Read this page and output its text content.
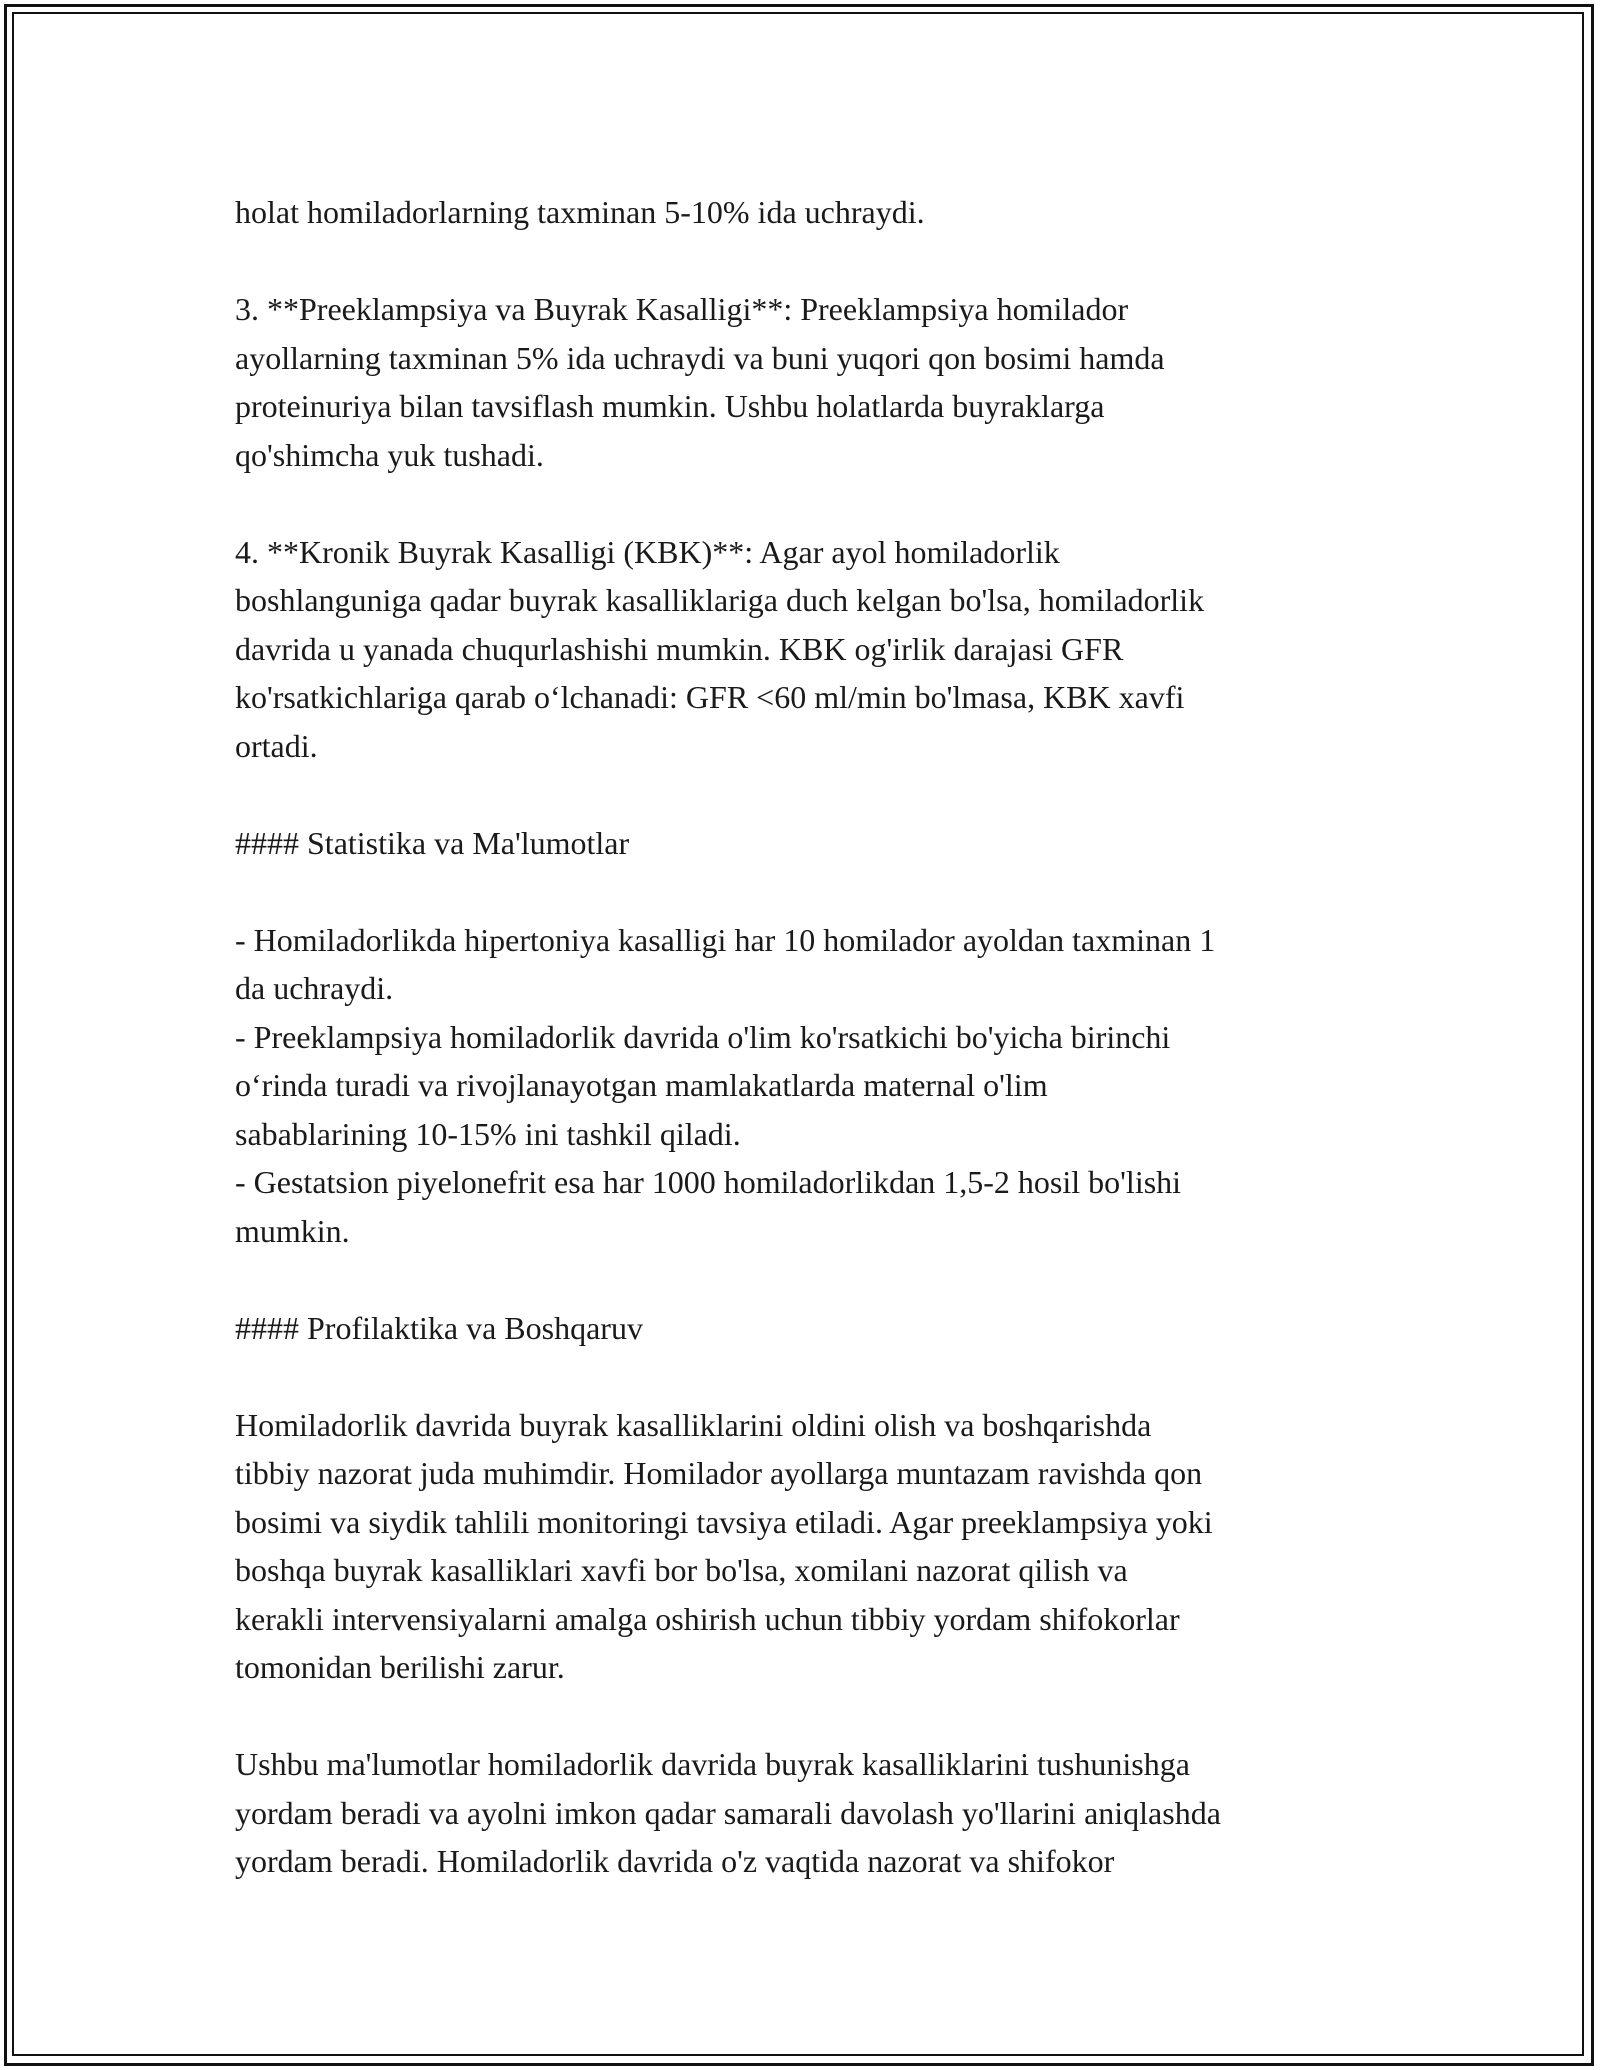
holat homiladorlarning taxminan 5-10% ida uchraydi.

3. **Preeklampsiya va Buyrak Kasalligi**: Preeklampsiya homilador
ayollarning taxminan 5% ida uchraydi va buni yuqori qon bosimi hamda
proteinuriya bilan tavsiflash mumkin. Ushbu holatlarda buyraklarga
qo'shimcha yuk tushadi.

4. **Kronik Buyrak Kasalligi (KBK)**: Agar ayol homiladorlik
boshlanguniga qadar buyrak kasalliklariga duch kelgan bo'lsa, homiladorlik
davrida u yanada chuqurlashishi mumkin. KBK og'irlik darajasi GFR
ko'rsatkichlariga qarab o‘lchanadi: GFR <60 ml/min bo'lmasa, KBK xavfi
ortadi.

#### Statistika va Ma'lumotlar

- Homiladorlikda hipertoniya kasalligi har 10 homilador ayoldan taxminan 1
da uchraydi.
- Preeklampsiya homiladorlik davrida o'lim ko'rsatkichi bo'yicha birinchi
o‘rinda turadi va rivojlanayotgan mamlakatlarda maternal o'lim
sabablarining 10-15% ini tashkil qiladi.
- Gestatsion piyelonefrit esa har 1000 homiladorlikdan 1,5-2 hosil bo'lishi
mumkin.

#### Profilaktika va Boshqaruv

Homiladorlik davrida buyrak kasalliklarini oldini olish va boshqarishda
tibbiy nazorat juda muhimdir. Homilador ayollarga muntazam ravishda qon
bosimi va siydik tahlili monitoringi tavsiya etiladi. Agar preeklampsiya yoki
boshqa buyrak kasalliklari xavfi bor bo'lsa, xomilani nazorat qilish va
kerakli intervensiyalarni amalga oshirish uchun tibbiy yordam shifokorlar
tomonidan berilishi zarur.

Ushbu ma'lumotlar homiladorlik davrida buyrak kasalliklarini tushunishga
yordam beradi va ayolni imkon qadar samarali davolash yo'llarini aniqlashda
yordam beradi. Homiladorlik davrida o'z vaqtida nazorat va shifokor
